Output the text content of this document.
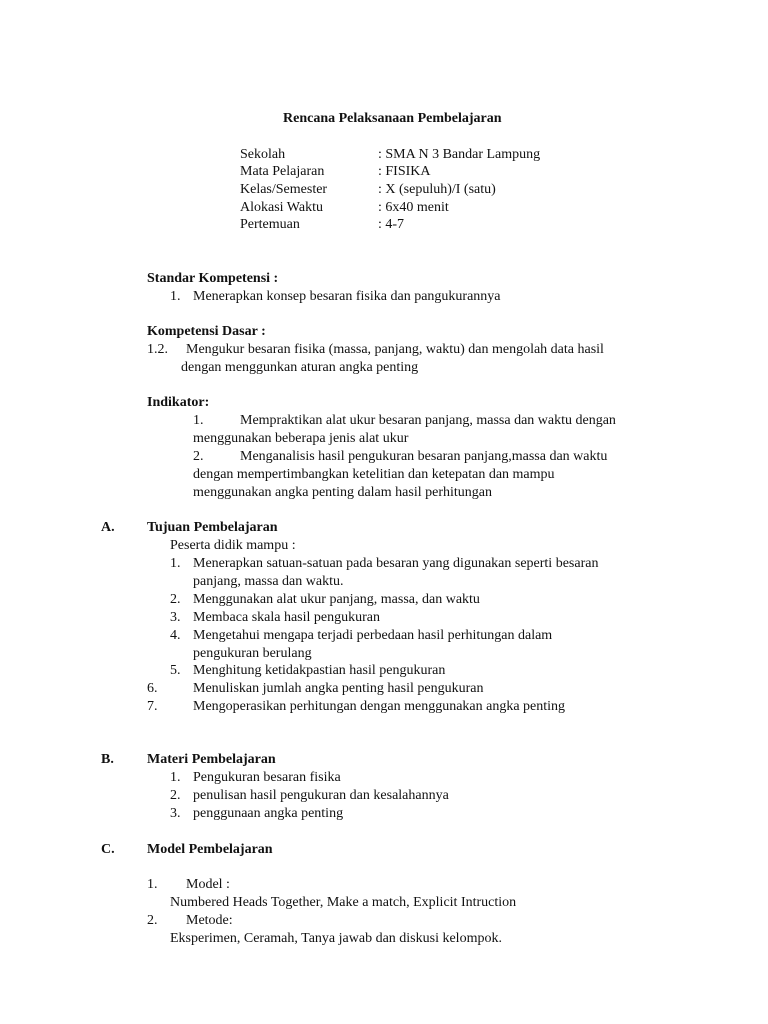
Rencana Pelaksanaan Pembelajaran
Sekolah	: SMA N 3 Bandar Lampung
Mata Pelajaran	: FISIKA
Kelas/Semester	: X (sepuluh)/I (satu)
Alokasi Waktu	: 6x40 menit
Pertemuan	: 4-7
Standar Kompetensi :
1. Menerapkan konsep besaran fisika dan pangukurannya
Kompetensi Dasar :
1.2. Mengukur besaran fisika (massa, panjang, waktu) dan mengolah data hasil
dengan menggunkan aturan angka penting
Indikator:
1.	Mempraktikan alat ukur besaran panjang, massa dan waktu dengan
menggunakan beberapa jenis alat ukur
2.	Menganalisis hasil pengukuran besaran panjang,massa dan waktu
dengan mempertimbangkan ketelitian dan ketepatan dan mampu
menggunakan angka penting dalam hasil perhitungan
A. Tujuan Pembelajaran
Peserta didik mampu :
1. Menerapkan satuan-satuan pada besaran yang digunakan seperti besaran
panjang, massa dan waktu.
2. Menggunakan alat ukur panjang, massa, dan waktu
3. Membaca skala hasil pengukuran
4. Mengetahui mengapa terjadi perbedaan hasil perhitungan dalam
pengukuran berulang
5. Menghitung ketidakpastian hasil pengukuran
6.	Menuliskan jumlah angka penting hasil pengukuran
7.	Mengoperasikan perhitungan dengan menggunakan angka penting
B. Materi Pembelajaran
1. Pengukuran besaran fisika
2. penulisan hasil pengukuran dan kesalahannya
3. penggunaan angka penting
C. Model Pembelajaran
1. Model :
Numbered Heads Together, Make a match, Explicit Intruction
2. Metode:
Eksperimen, Ceramah, Tanya jawab dan diskusi kelompok.
